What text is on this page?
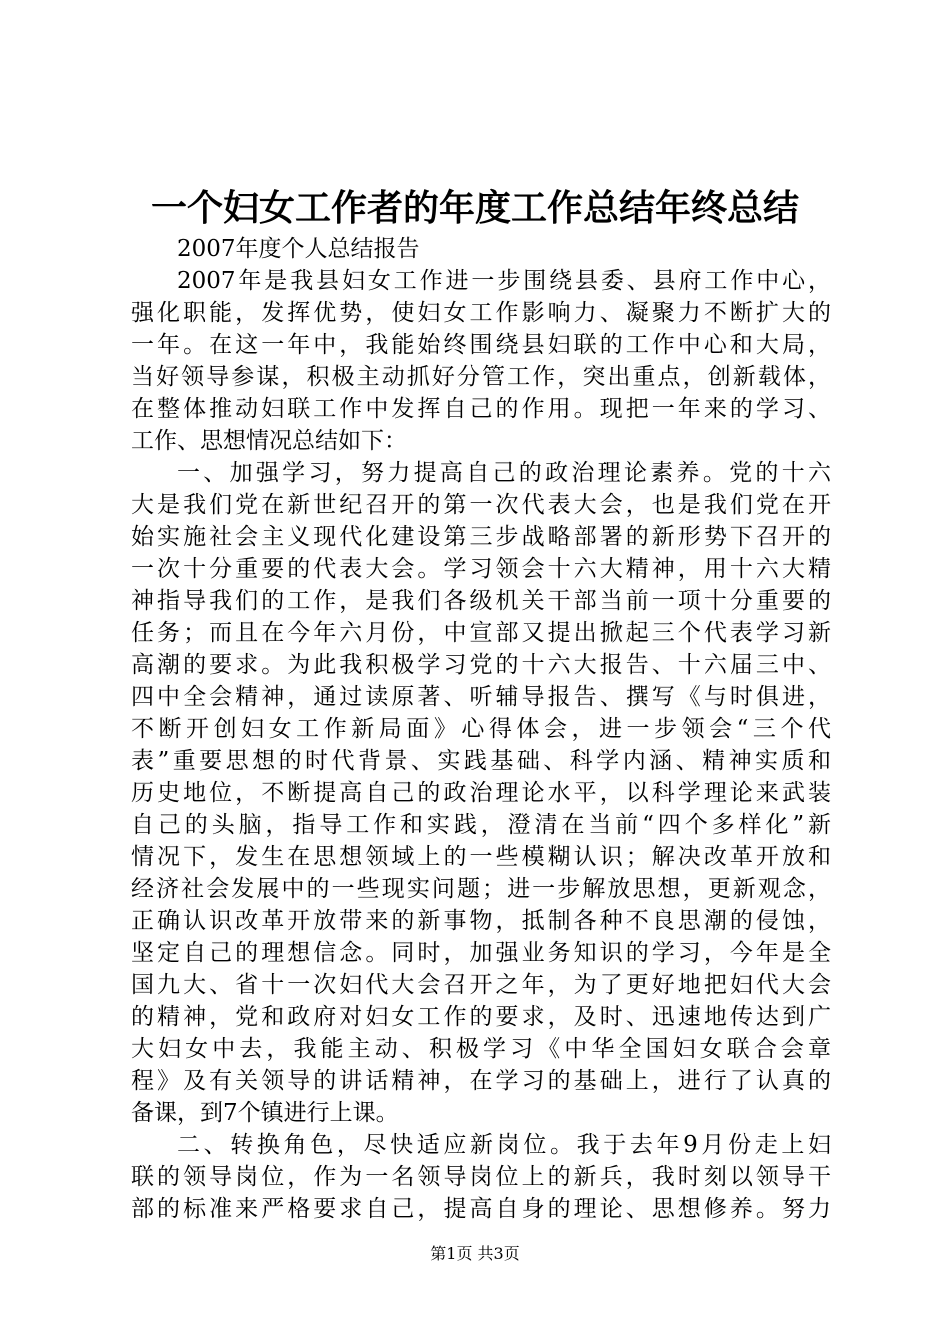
一个妇女工作者的年度工作总结年终总结
2007年度个人总结报告
2007年是我县妇女工作进一步围绕县委、县府工作中心，
强化职能，发挥优势，使妇女工作影响力、凝聚力不断扩大的
一年。在这一年中，我能始终围绕县妇联的工作中心和大局，
当好领导参谋，积极主动抓好分管工作，突出重点，创新载体，
在整体推动妇联工作中发挥自己的作用。现把一年来的学习、
工作、思想情况总结如下：
一、加强学习，努力提高自己的政治理论素养。党的十六
大是我们党在新世纪召开的第一次代表大会，也是我们党在开
始实施社会主义现代化建设第三步战略部署的新形势下召开的
一次十分重要的代表大会。学习领会十六大精神，用十六大精
神指导我们的工作，是我们各级机关干部当前一项十分重要的
任务；而且在今年六月份，中宣部又提出掀起三个代表学习新
高潮的要求。为此我积极学习党的十六大报告、十六届三中、
四中全会精神，通过读原著、听辅导报告、撰写《与时俱进，
不断开创妇女工作新局面》心得体会，进一步领会“三个代
表”重要思想的时代背景、实践基础、科学内涵、精神实质和
历史地位，不断提高自己的政治理论水平，以科学理论来武装
自己的头脑，指导工作和实践，澄清在当前“四个多样化”新
情况下，发生在思想领域上的一些模糊认识；解决改革开放和
经济社会发展中的一些现实问题；进一步解放思想，更新观念，
正确认识改革开放带来的新事物，抵制各种不良思潮的侵蚀，
坚定自己的理想信念。同时，加强业务知识的学习，今年是全
国九大、省十一次妇代大会召开之年，为了更好地把妇代大会
的精神，党和政府对妇女工作的要求，及时、迅速地传达到广
大妇女中去，我能主动、积极学习《中华全国妇女联合会章
程》及有关领导的讲话精神，在学习的基础上，进行了认真的
备课，到7个镇进行上课。
二、转换角色，尽快适应新岗位。我于去年9月份走上妇
联的领导岗位，作为一名领导岗位上的新兵，我时刻以领导干
部的标准来严格要求自己，提高自身的理论、思想修养。努力
第1页 共3页
